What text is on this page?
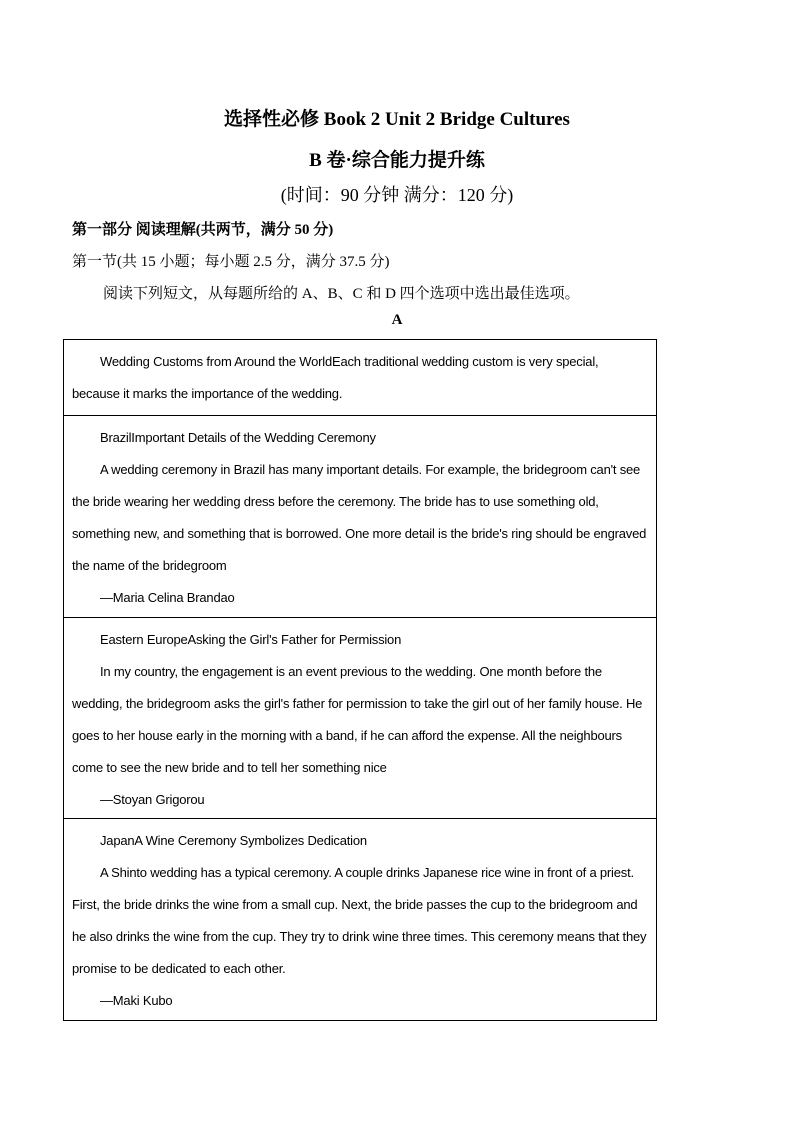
选择性必修 Book 2 Unit 2 Bridge Cultures
B 卷·综合能力提升练
(时间：90 分钟 满分：120 分)
第一部分 阅读理解(共两节，满分 50 分)
第一节(共 15 小题；每小题 2.5 分，满分 37.5 分)
阅读下列短文，从每题所给的 A、B、C 和 D 四个选项中选出最佳选项。
A

Wedding Customs from Around the WorldEach traditional wedding custom is very special, because it marks the importance of the wedding.

BrazilImportant Details of the Wedding Ceremony

A wedding ceremony in Brazil has many important details. For example, the bridegroom can't see the bride wearing her wedding dress before the ceremony. The bride has to use something old, something new, and something that is borrowed. One more detail is the bride's ring should be engraved the name of the bridegroom

—Maria Celina Brandao

Eastern EuropeAsking the Girl's Father for Permission

In my country, the engagement is an event previous to the wedding. One month before the wedding, the bridegroom asks the girl's father for permission to take the girl out of her family house. He goes to her house early in the morning with a band, if he can afford the expense. All the neighbours come to see the new bride and to tell her something nice

—Stoyan Grigorou

JapanA Wine Ceremony Symbolizes Dedication

A Shinto wedding has a typical ceremony. A couple drinks Japanese rice wine in front of a priest. First, the bride drinks the wine from a small cup. Next, the bride passes the cup to the bridegroom and he also drinks the wine from the cup. They try to drink wine three times. This ceremony means that they promise to be dedicated to each other.

—Maki Kubo
